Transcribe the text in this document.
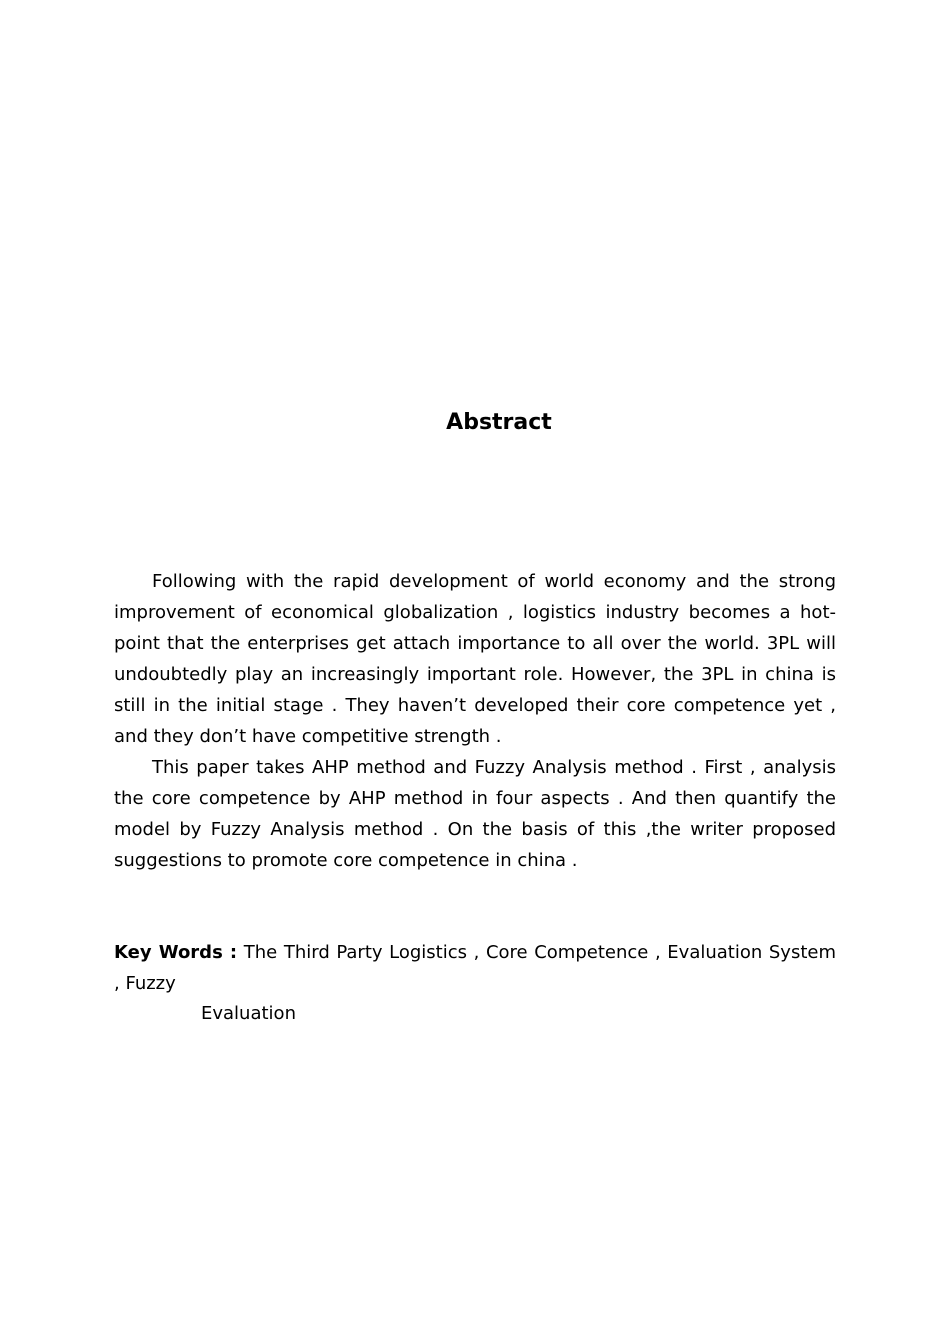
Abstract

Following with the rapid development of world economy and the strong improvement of economical globalization , logistics industry becomes a hot-point that the enterprises get attach importance to all over the world. 3PL will undoubtedly play an increasingly important role. However, the 3PL in china is still in the initial stage . They haven’t developed their core competence yet , and they don’t have competitive strength .

This paper takes AHP method and Fuzzy Analysis method . First , analysis the core competence by AHP method in four aspects . And then quantify the model by Fuzzy Analysis method . On the basis of this ,the writer proposed suggestions to promote core competence in china .

Key Words : The Third Party Logistics , Core Competence , Evaluation System , Fuzzy

Evaluation
